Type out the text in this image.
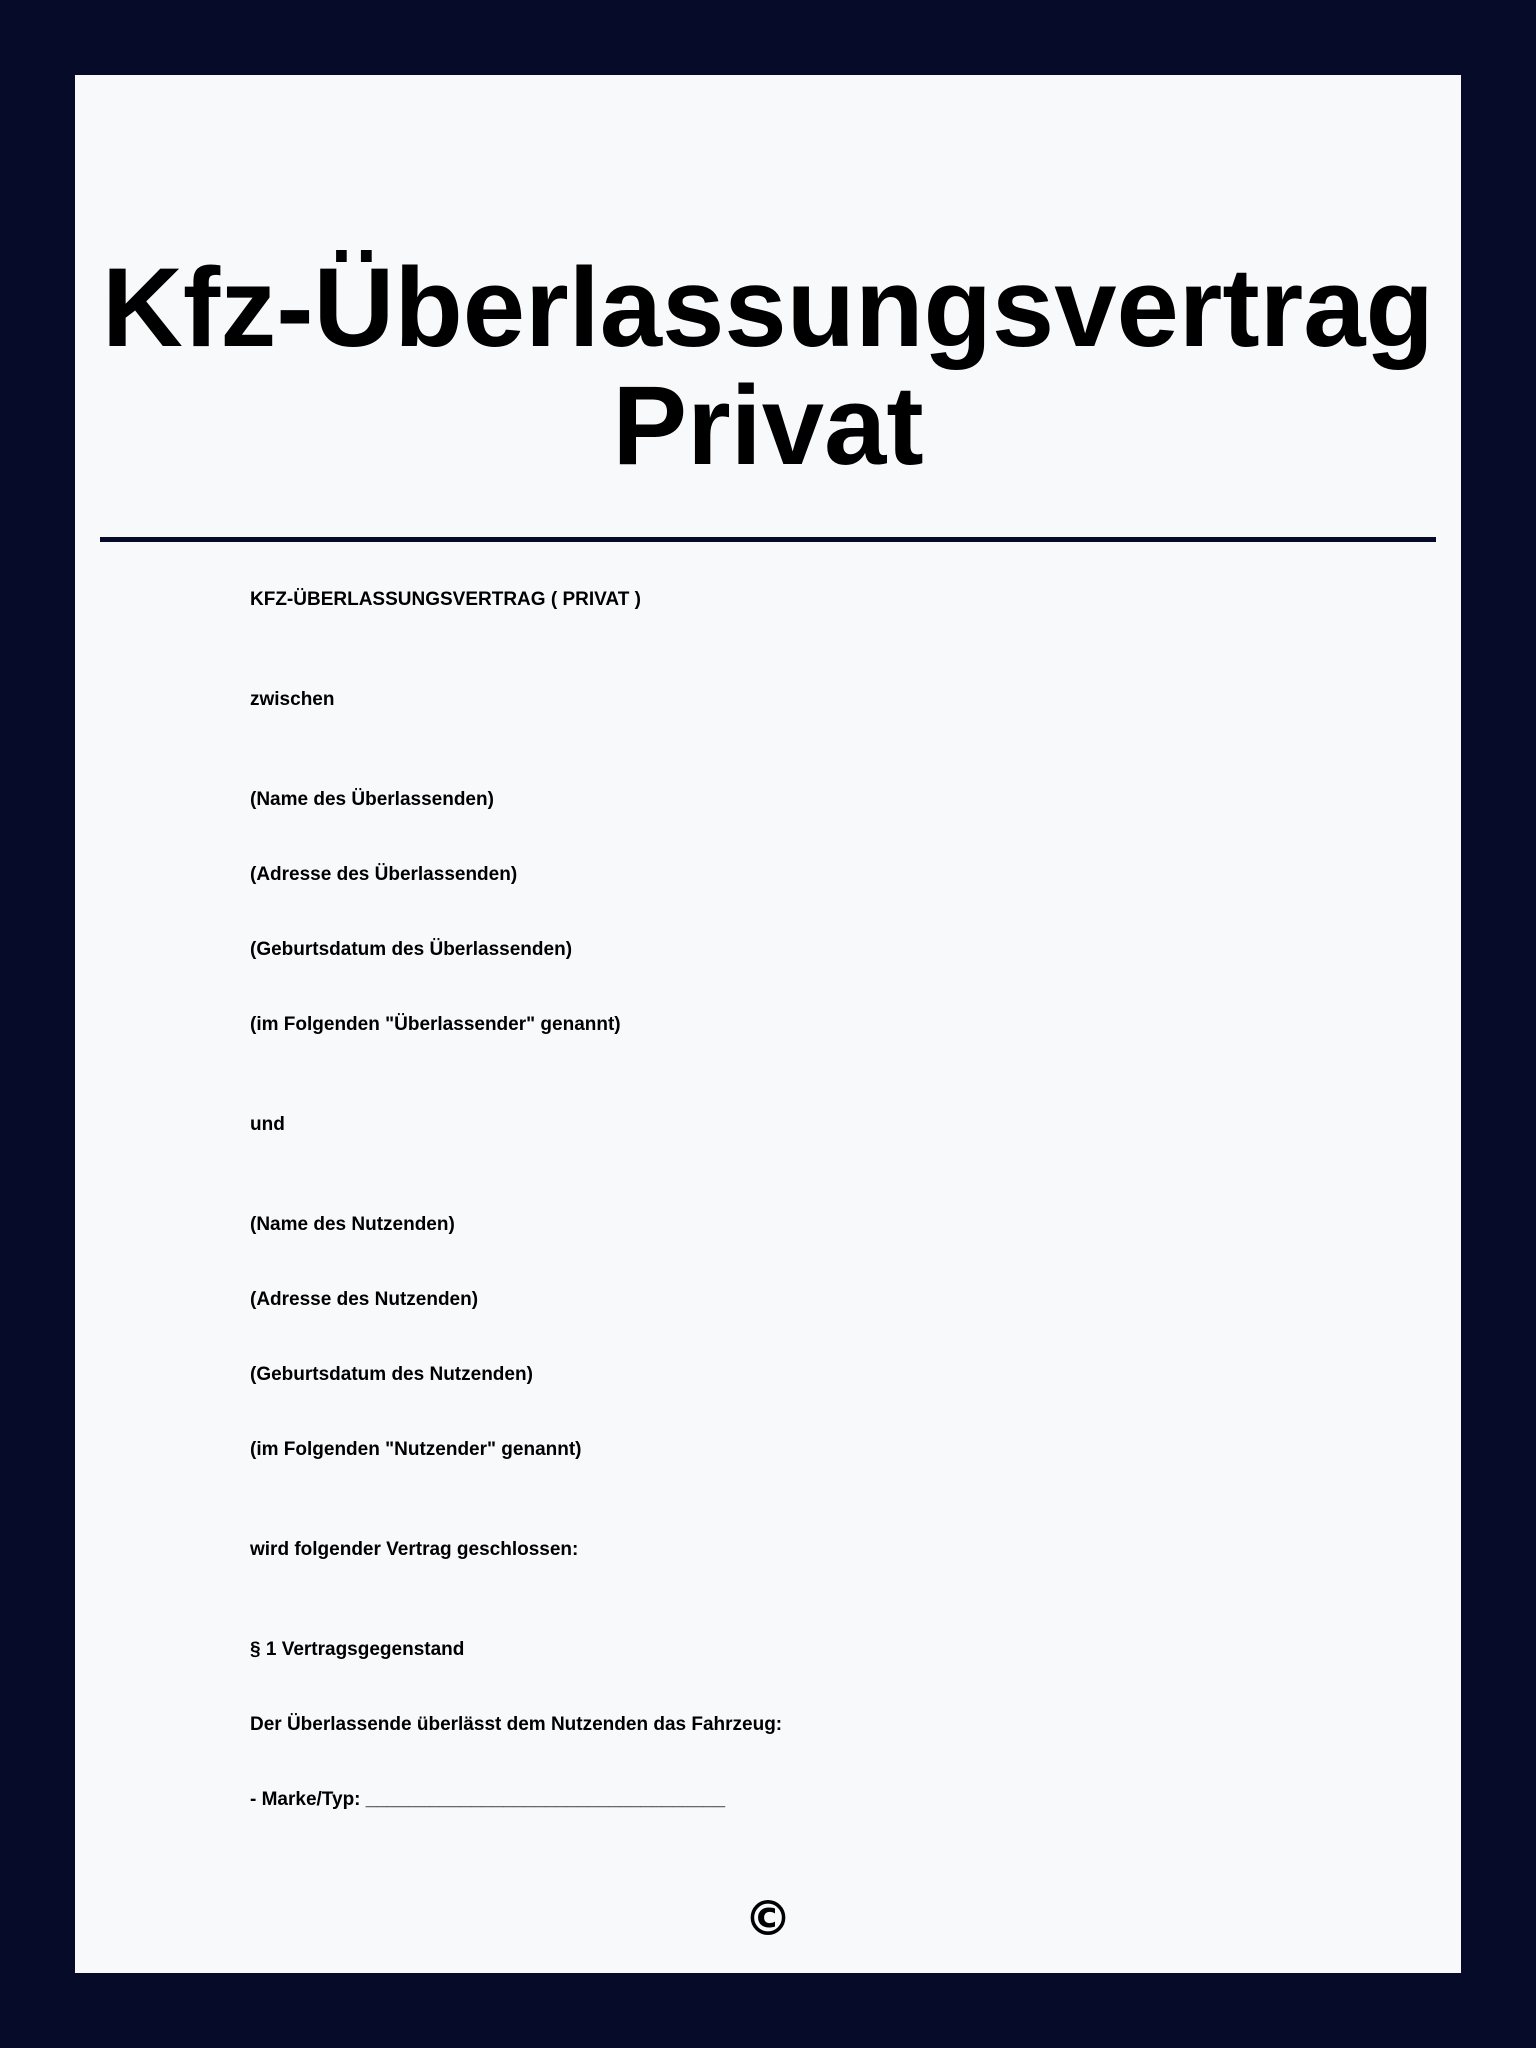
Kfz-Überlassungsvertrag
Privat
KFZ-ÜBERLASSUNGSVERTRAG ( PRIVAT )
zwischen
(Name des Überlassenden)
(Adresse des Überlassenden)
(Geburtsdatum des Überlassenden)
(im Folgenden "Überlassender" genannt)
und
(Name des Nutzenden)
(Adresse des Nutzenden)
(Geburtsdatum des Nutzenden)
(im Folgenden "Nutzender" genannt)
wird folgender Vertrag geschlossen:
§ 1 Vertragsgegenstand
Der Überlassende überlässt dem Nutzenden das Fahrzeug:
- Marke/Typ: __________________________________
©
